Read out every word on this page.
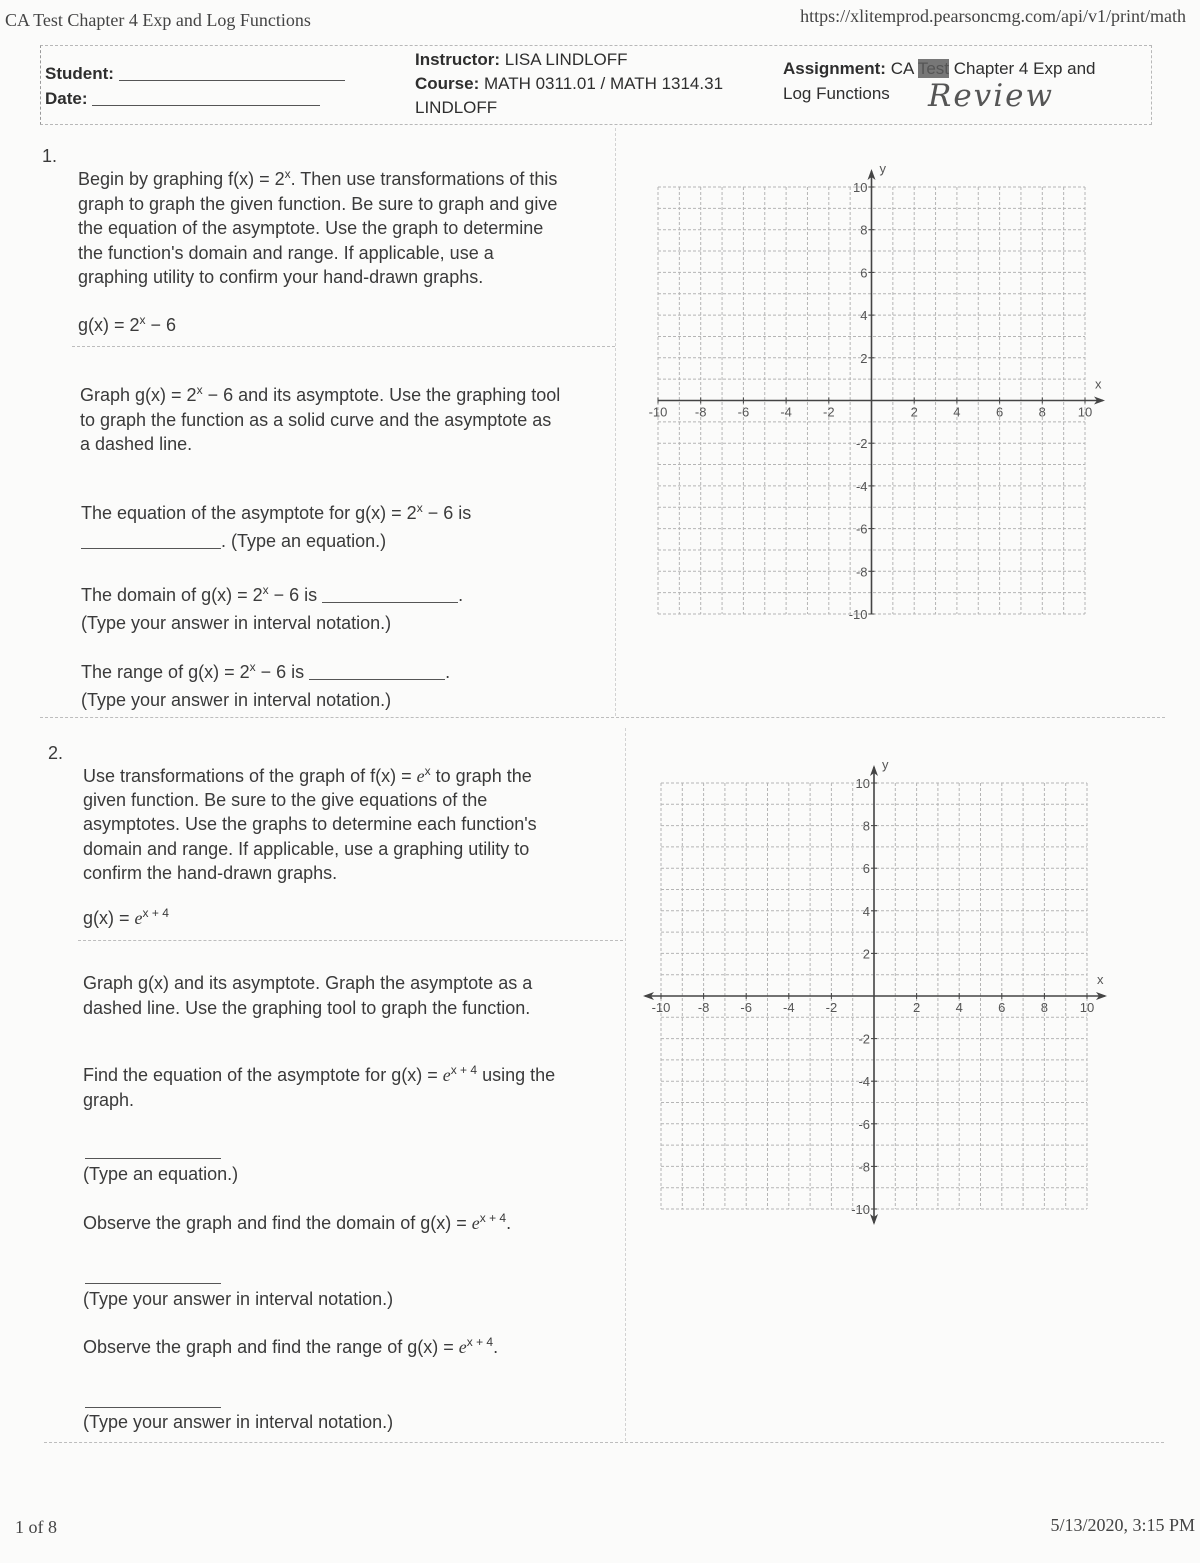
CA Test Chapter 4 Exp and Log Functions	https://xlitemprod.pearsoncmg.com/api/v1/print/math
Student:
Date:
Instructor: LISA LINDLOFF
Course: MATH 0311.01 / MATH 1314.31
LINDLOFF
Assignment: CA Test Chapter 4 Exp and
Log Functions Review
1.
Begin by graphing $f(x) = 2^x$. Then use transformations of this
graph to graph the given function. Be sure to graph and give
the equation of the asymptote. Use the graph to determine
the function's domain and range. If applicable, use a
graphing utility to confirm your hand-drawn graphs.
$g(x) = 2^x - 6$
Graph $g(x) = 2^x - 6$ and its asymptote. Use the graphing tool
to graph the function as a solid curve and the asymptote as
a dashed line.
The equation of the asymptote for $g(x) = 2^x - 6$ is
. (Type an equation.)
The domain of $g(x) = 2^x - 6$ is	.
(Type your answer in interval notation.)
The range of $g(x) = 2^x - 6$ is	.
(Type your answer in interval notation.)
-10 -8 -6 -4 -2	2	4	6	8 10
10
8
6
4
2
-2
-4
-6
-8
-10
x
y
2.
Use transformations of the graph of $f(x) = e^x$ to graph the
given function. Be sure to the give equations of the
asymptotes. Use the graphs to determine each function's
domain and range. If applicable, use a graphing utility to
confirm the hand-drawn graphs.
$g(x) = e^{x + 4}$
Graph g(x) and its asymptote. Graph the asymptote as a
dashed line. Use the graphing tool to graph the function.
Find the equation of the asymptote for $g(x) = e^{x + 4}$ using the
graph.
(Type an equation.)
Observe the graph and find the domain of $g(x) = e^{x + 4}$.
(Type your answer in interval notation.)
Observe the graph and find the range of $g(x) = e^{x + 4}$.
(Type your answer in interval notation.)
-10 -8 -6 -4 -2	2	4	6	8 10
10
8
6
4
2
-2
-4
-6
-8
-10
x
y
1 of 8	5/13/2020, 3:15 PM
